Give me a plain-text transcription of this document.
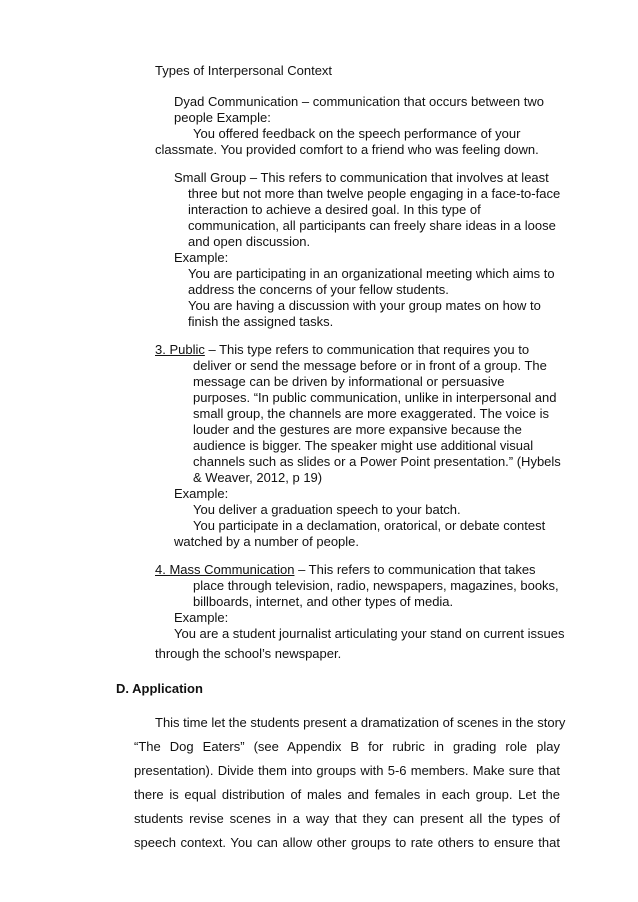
Types of Interpersonal Context
Dyad Communication – communication that occurs between two
people Example:
You offered feedback on the speech performance of your
classmate. You provided comfort to a friend who was feeling down.
Small Group – This refers to communication that involves at least
three but not more than twelve people engaging in a face-to-face
interaction to achieve a desired goal. In this type of
communication, all participants can freely share ideas in a loose
and open discussion.
Example:
You are participating in an organizational meeting which aims to
address the concerns of your fellow students.
You are having a discussion with your group mates on how to
finish the assigned tasks.
3. Public – This type refers to communication that requires you to
deliver or send the message before or in front of a group. The
message can be driven by informational or persuasive
purposes. “In public communication, unlike in interpersonal and
small group, the channels are more exaggerated. The voice is
louder and the gestures are more expansive because the
audience is bigger. The speaker might use additional visual
channels such as slides or a Power Point presentation.” (Hybels
& Weaver, 2012, p 19)
Example:
You deliver a graduation speech to your batch.
You participate in a declamation, oratorical, or debate contest
watched by a number of people.
4. Mass Communication – This refers to communication that takes
place through television, radio, newspapers, magazines, books,
billboards, internet, and other types of media.
Example:
You are a student journalist articulating your stand on current issues
through the school’s newspaper.
D. Application
This time let the students present a dramatization of scenes in the story
“The Dog Eaters” (see Appendix B for rubric in grading role play
presentation). Divide them into groups with 5-6 members. Make sure that
there is equal distribution of males and females in each group. Let the
students revise scenes in a way that they can present all the types of
speech context. You can allow other groups to rate others to ensure that
